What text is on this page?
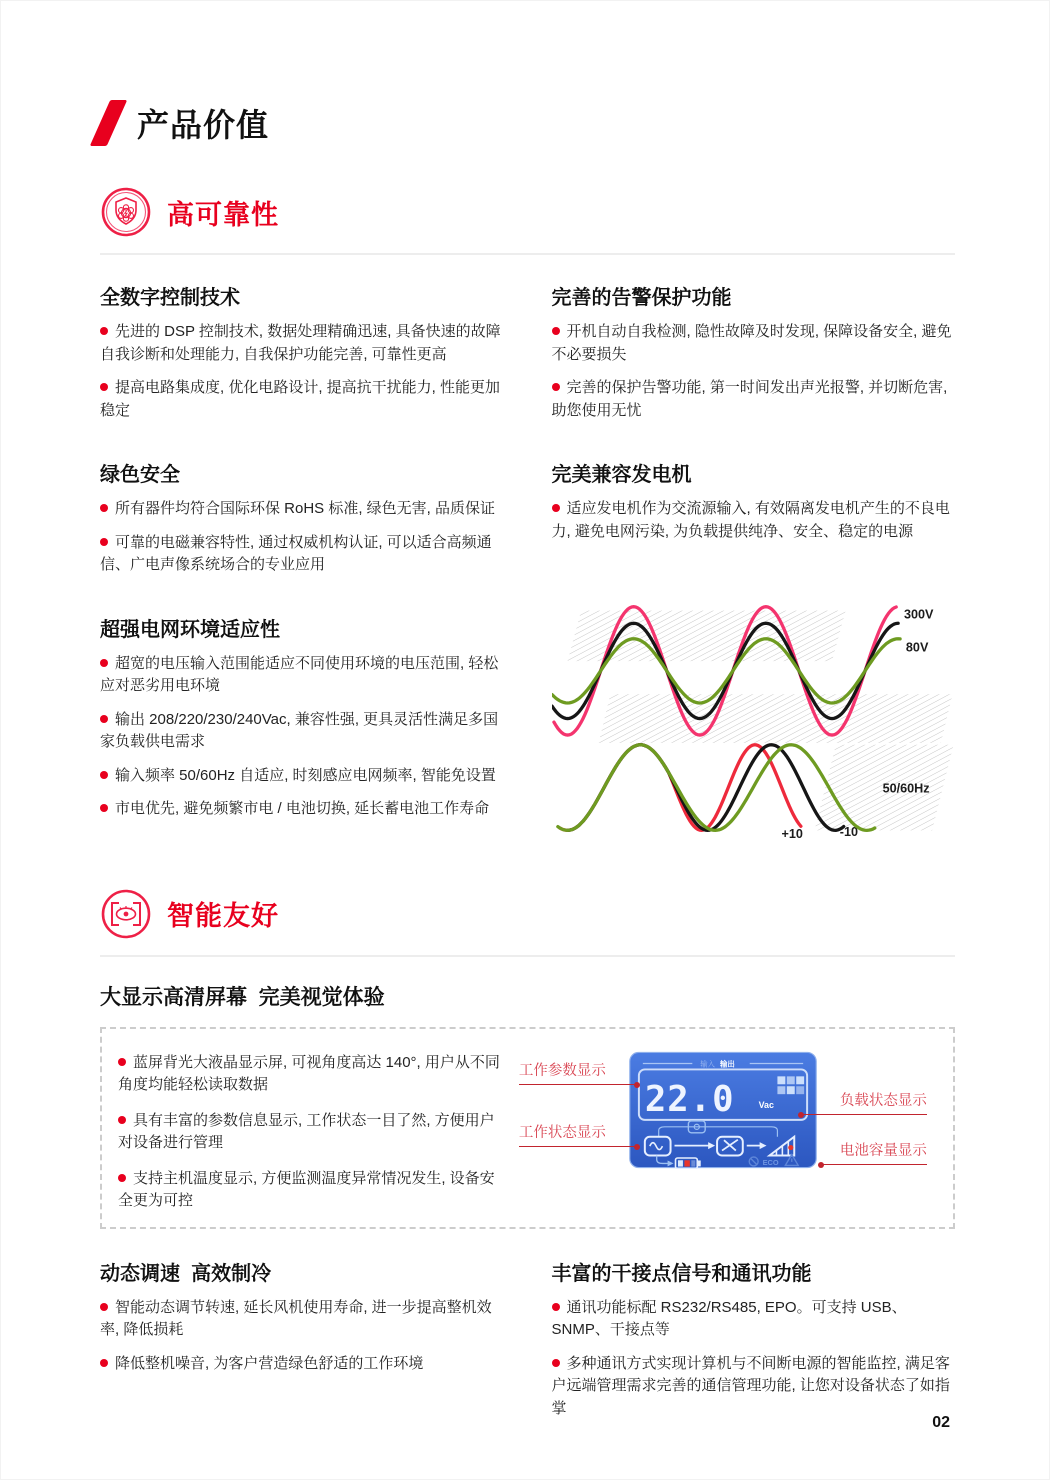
产品价值
高可靠性
全数字控制技术

先进的 DSP 控制技术, 数据处理精确迅速, 具备快速的故障自我诊断和处理能力, 自我保护功能完善, 可靠性更高

提高电路集成度, 优化电路设计, 提高抗干扰能力, 性能更加稳定

完善的告警保护功能

开机自动自我检测, 隐性故障及时发现, 保障设备安全, 避免不必要损失

完善的保护告警功能, 第一时间发出声光报警, 并切断危害, 助您使用无忧

绿色安全

所有器件均符合国际环保 RoHS 标准, 绿色无害, 品质保证

可靠的电磁兼容特性, 通过权威机构认证, 可以适合高频通信、广电声像系统场合的专业应用

完美兼容发电机

适应发电机作为交流源输入, 有效隔离发电机产生的不良电力, 避免电网污染, 为负载提供纯净、安全、稳定的电源

超强电网环境适应性

超宽的电压输入范围能适应不同使用环境的电压范围, 轻松应对恶劣用电环境

输出 208/220/230/240Vac, 兼容性强, 更具灵活性满足多国家负载供电需求

输入频率 50/60Hz 自适应, 时刻感应电网频率, 智能免设置

市电优先, 避免频繁市电 / 电池切换, 延长蓄电池工作寿命

300V
80V
50/60Hz
+10	-10
智能友好
大显示高清屏幕  完美视觉体验

蓝屏背光大液晶显示屏, 可视角度高达 140°, 用户从不同角度均能轻松读取数据

具有丰富的参数信息显示, 工作状态一目了然, 方便用户对设备进行管理

支持主机温度显示, 方便监测温度异常情况发生, 设备安全更为可控

输入 输出
22.0	Vac
ECO
工作参数显示
工作状态显示
负载状态显示
电池容量显示
动态调速  高效制冷

智能动态调节转速, 延长风机使用寿命, 进一步提高整机效率, 降低损耗

降低整机噪音, 为客户营造绿色舒适的工作环境

丰富的干接点信号和通讯功能

通讯功能标配 RS232/RS485, EPO。可支持 USB、SNMP、干接点等

多种通讯方式实现计算机与不间断电源的智能监控, 满足客户远端管理需求完善的通信管理功能, 让您对设备状态了如指掌

02
